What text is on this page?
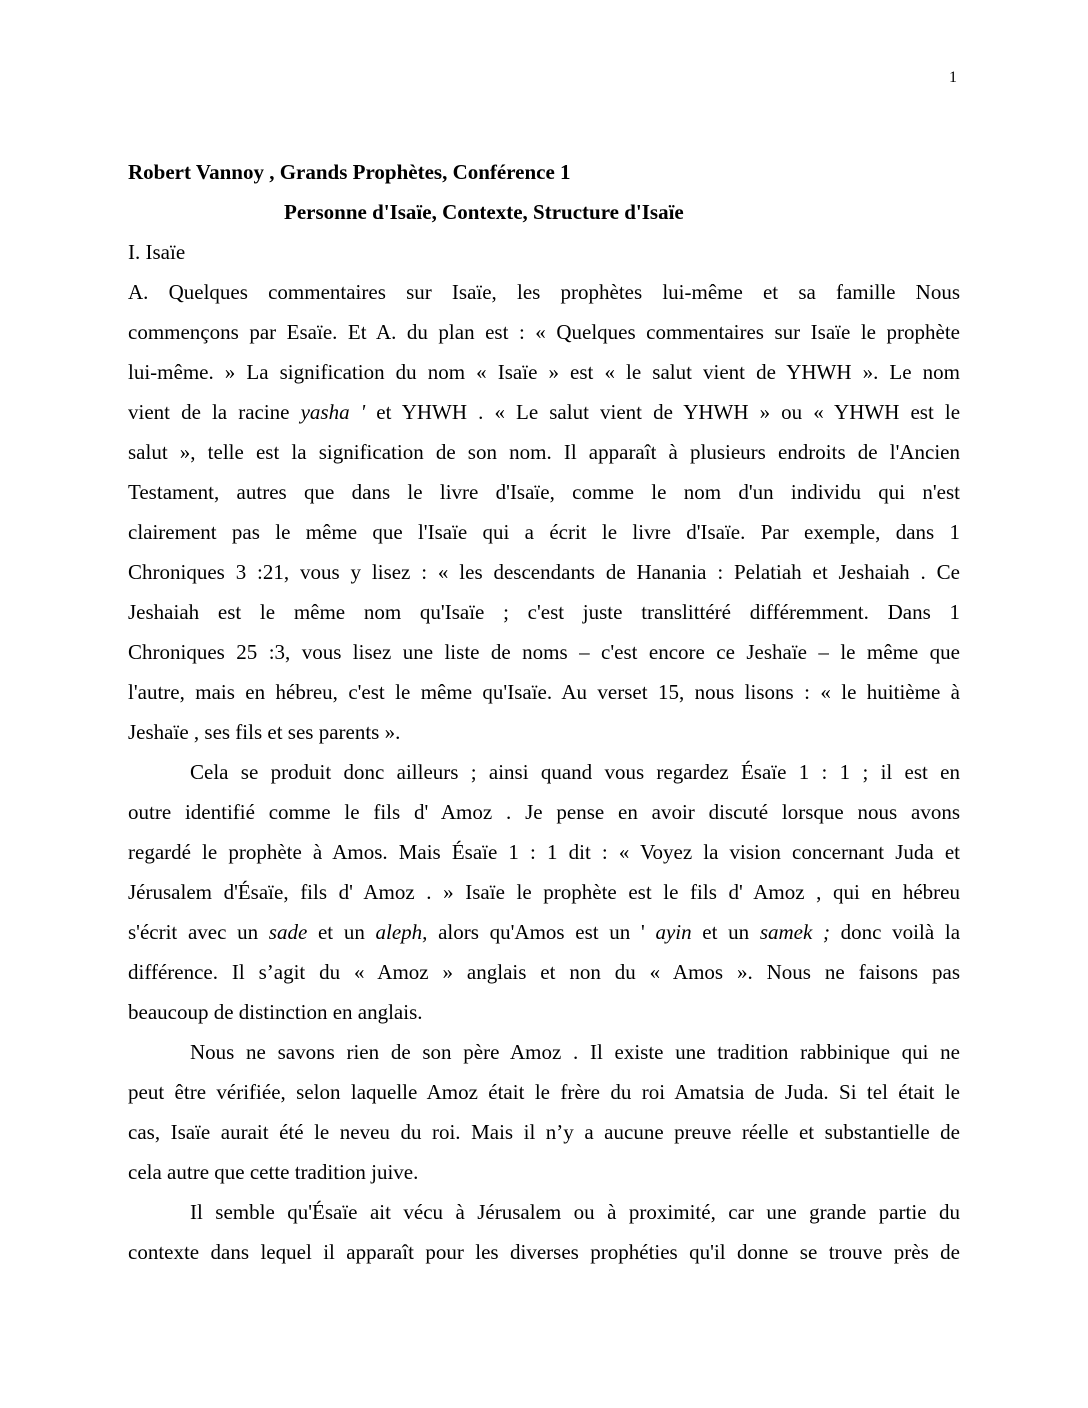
1
Robert Vannoy , Grands Prophètes, Conférence 1
Personne d'Isaïe, Contexte, Structure d'Isaïe
I. Isaïe
A. Quelques commentaires sur Isaïe, les prophètes lui-même et sa famille Nous
commençons par Esaïe. Et A. du plan est : « Quelques commentaires sur Isaïe le prophète
lui-même. » La signification du nom « Isaïe » est « le salut vient de YHWH ». Le nom
vient de la racine yasha ' et YHWH . « Le salut vient de YHWH » ou « YHWH est le
salut », telle est la signification de son nom. Il apparaît à plusieurs endroits de l'Ancien
Testament, autres que dans le livre d'Isaïe, comme le nom d'un individu qui n'est
clairement pas le même que l'Isaïe qui a écrit le livre d'Isaïe. Par exemple, dans 1
Chroniques 3 :21, vous y lisez : « les descendants de Hanania : Pelatiah et Jeshaiah . Ce
Jeshaiah est le même nom qu'Isaïe ; c'est juste translittéré différemment. Dans 1
Chroniques 25 :3, vous lisez une liste de noms – c'est encore ce Jeshaïe – le même que
l'autre, mais en hébreu, c'est le même qu'Isaïe. Au verset 15, nous lisons : « le huitième à
Jeshaïe , ses fils et ses parents ».
Cela se produit donc ailleurs ; ainsi quand vous regardez Ésaïe 1 : 1 ; il est en
outre identifié comme le fils d' Amoz . Je pense en avoir discuté lorsque nous avons
regardé le prophète à Amos. Mais Ésaïe 1 : 1 dit : « Voyez la vision concernant Juda et
Jérusalem d'Ésaïe, fils d' Amoz . » Isaïe le prophète est le fils d' Amoz , qui en hébreu
s'écrit avec un sade et un aleph, alors qu'Amos est un ' ayin et un samek ; donc voilà la
différence. Il s’agit du « Amoz » anglais et non du « Amos ». Nous ne faisons pas
beaucoup de distinction en anglais.
Nous ne savons rien de son père Amoz . Il existe une tradition rabbinique qui ne
peut être vérifiée, selon laquelle Amoz était le frère du roi Amatsia de Juda. Si tel était le
cas, Isaïe aurait été le neveu du roi. Mais il n’y a aucune preuve réelle et substantielle de
cela autre que cette tradition juive.
Il semble qu'Ésaïe ait vécu à Jérusalem ou à proximité, car une grande partie du
contexte dans lequel il apparaît pour les diverses prophéties qu'il donne se trouve près de
